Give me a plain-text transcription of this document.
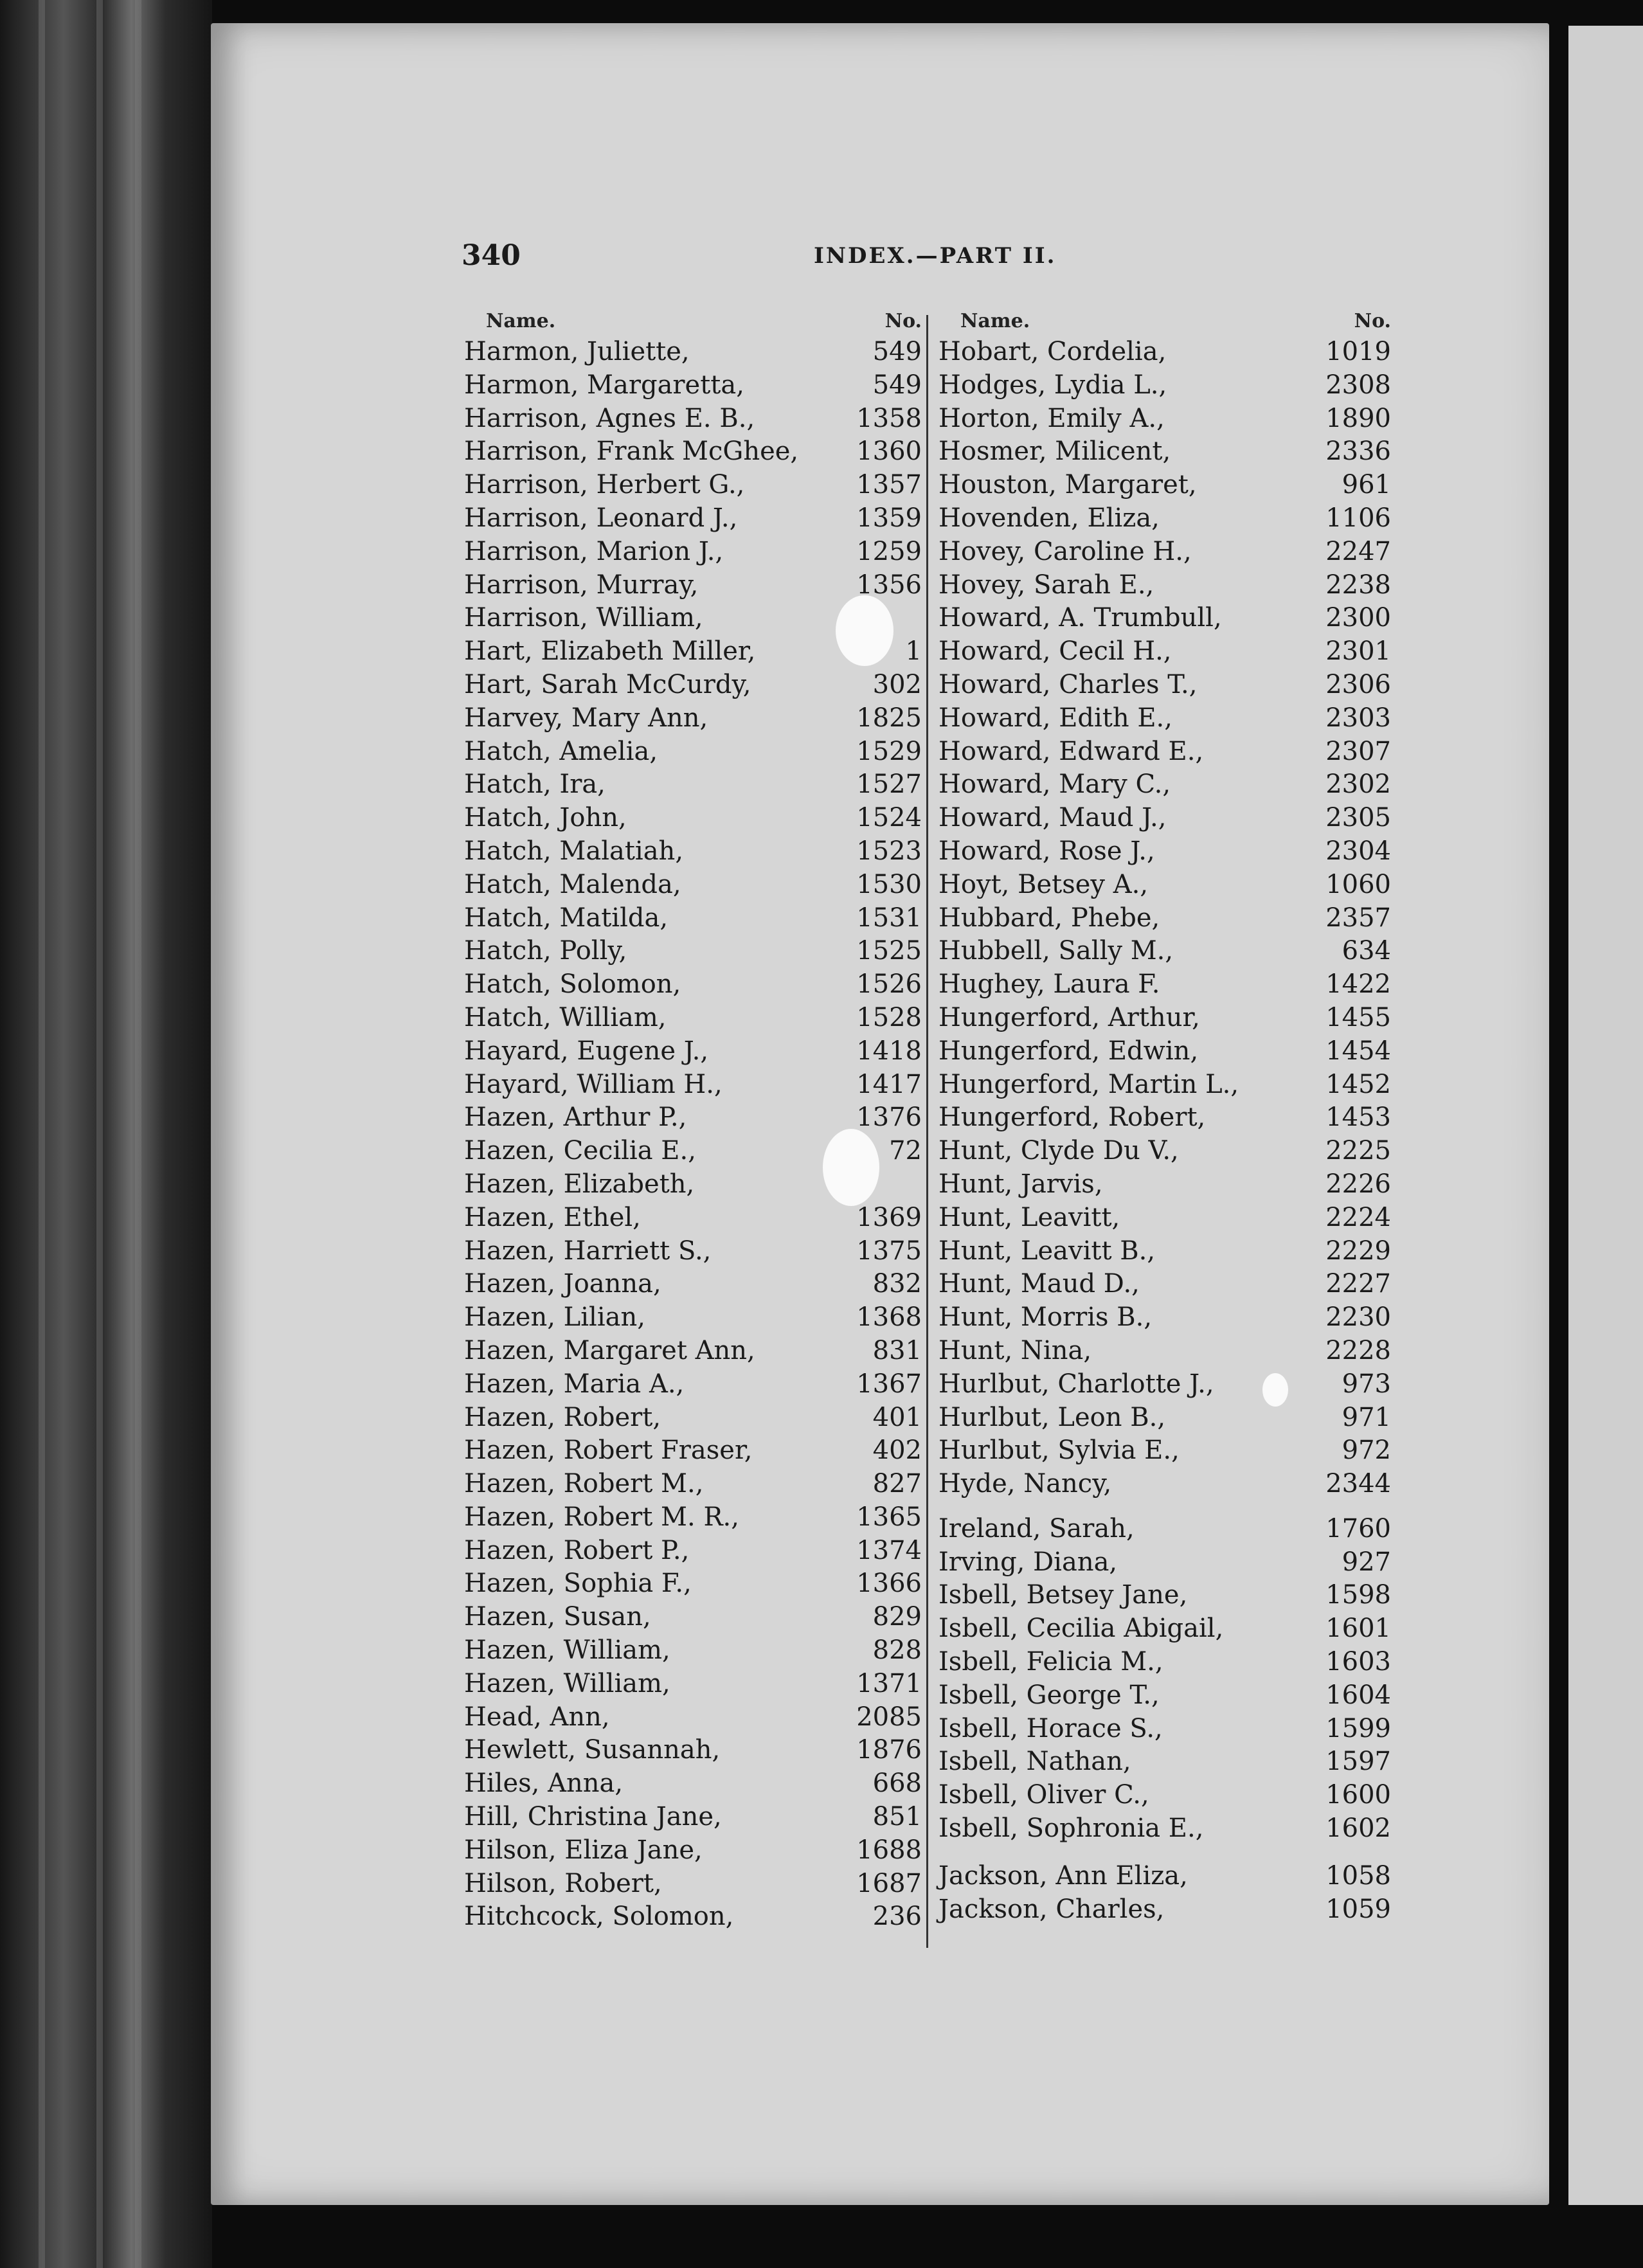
340	INDEX.—PART II.
Name.	No.
Harmon, Juliette,	549
Harmon, Margaretta,	549
Harrison, Agnes E. B.,	1358
Harrison, Frank McGhee, 1360
Harrison, Herbert G.,	1357
Harrison, Leonard J.,	1359
Harrison, Marion J.,	1259
Harrison, Murray,	1356
Harrison, William,
Hart, Elizabeth Miller,	1
Hart, Sarah McCurdy,	302
Harvey, Mary Ann,	1825
Hatch, Amelia,	1529
Hatch, Ira,	1527
Hatch, John,	1524
Hatch, Malatiah,	1523
Hatch, Malenda,	1530
Hatch, Matilda,	1531
Hatch, Polly,	1525
Hatch, Solomon,	1526
Hatch, William,	1528
Hayard, Eugene J.,	1418
Hayard, William H.,	1417
Hazen, Arthur P.,	1376
Hazen, Cecilia E.,	72
Hazen, Elizabeth,
Hazen, Ethel,	1369
Hazen, Harriett S.,	1375
Hazen, Joanna,	832
Hazen, Lilian,	1368
Hazen, Margaret Ann,	831
Hazen, Maria A.,	1367
Hazen, Robert,	401
Hazen, Robert Fraser,	402
Hazen, Robert M.,	827
Hazen, Robert M. R.,	1365
Hazen, Robert P.,	1374
Hazen, Sophia F.,	1366
Hazen, Susan,	829
Hazen, William,	828
Hazen, William,	1371
Head, Ann,	2085
Hewlett, Susannah,	1876
Hiles, Anna,	668
Hill, Christina Jane,	851
Hilson, Eliza Jane,	1688
Hilson, Robert,	1687
Hitchcock, Solomon,	236
Name.	No.
Hobart, Cordelia,	1019
Hodges, Lydia L.,	2308
Horton, Emily A.,	1890
Hosmer, Milicent,	2336
Houston, Margaret,	961
Hovenden, Eliza,	1106
Hovey, Caroline H.,	2247
Hovey, Sarah E.,	2238
Howard, A. Trumbull,	2300
Howard, Cecil H.,	2301
Howard, Charles T.,	2306
Howard, Edith E.,	2303
Howard, Edward E.,	2307
Howard, Mary C.,	2302
Howard, Maud J.,	2305
Howard, Rose J.,	2304
Hoyt, Betsey A.,	1060
Hubbard, Phebe,	2357
Hubbell, Sally M.,	634
Hughey, Laura F.	1422
Hungerford, Arthur,	1455
Hungerford, Edwin,	1454
Hungerford, Martin L.,	1452
Hungerford, Robert,	1453
Hunt, Clyde Du V.,	2225
Hunt, Jarvis,	2226
Hunt, Leavitt,	2224
Hunt, Leavitt B.,	2229
Hunt, Maud D.,	2227
Hunt, Morris B.,	2230
Hunt, Nina,	2228
Hurlbut, Charlotte J.,	973
Hurlbut, Leon B.,	971
Hurlbut, Sylvia E.,	972
Hyde, Nancy,	2344
Ireland, Sarah,	1760
Irving, Diana,	927
Isbell, Betsey Jane,	1598
Isbell, Cecilia Abigail,	1601
Isbell, Felicia M.,	1603
Isbell, George T.,	1604
Isbell, Horace S.,	1599
Isbell, Nathan,	1597
Isbell, Oliver C.,	1600
Isbell, Sophronia E.,	1602
Jackson, Ann Eliza,	1058
Jackson, Charles,	1059
